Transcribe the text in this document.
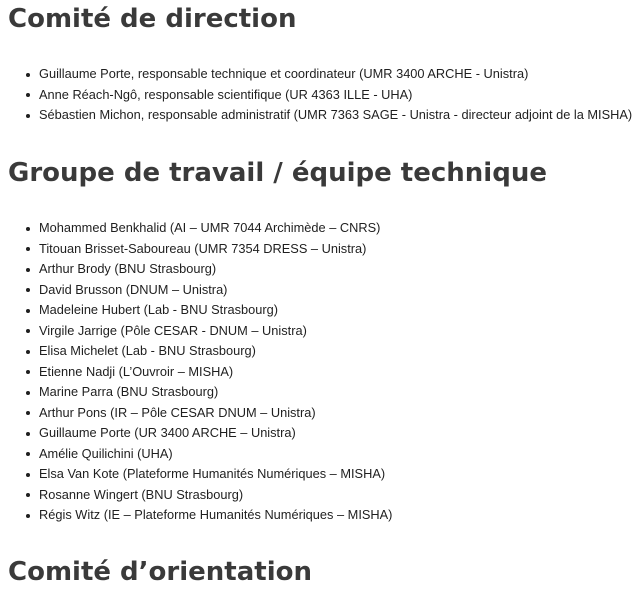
Comité de direction
Guillaume Porte, responsable technique et coordinateur (UMR 3400 ARCHE - Unistra)
Anne Réach-Ngô, responsable scientifique (UR 4363 ILLE - UHA)
Sébastien Michon, responsable administratif (UMR 7363 SAGE - Unistra - directeur adjoint de la MISHA)
Groupe de travail / équipe technique
Mohammed Benkhalid (AI – UMR 7044 Archimède – CNRS)
Titouan Brisset-Saboureau (UMR 7354 DRESS – Unistra)
Arthur Brody (BNU Strasbourg)
David Brusson (DNUM – Unistra)
Madeleine Hubert (Lab - BNU Strasbourg)
Virgile Jarrige (Pôle CESAR - DNUM – Unistra)
Elisa Michelet (Lab - BNU Strasbourg)
Etienne Nadji (L’Ouvroir – MISHA)
Marine Parra (BNU Strasbourg)
Arthur Pons (IR – Pôle CESAR DNUM – Unistra)
Guillaume Porte (UR 3400 ARCHE – Unistra)
Amélie Quilichini (UHA)
Elsa Van Kote (Plateforme Humanités Numériques – MISHA)
Rosanne Wingert (BNU Strasbourg)
Régis Witz (IE – Plateforme Humanités Numériques – MISHA)
Comité d’orientation
